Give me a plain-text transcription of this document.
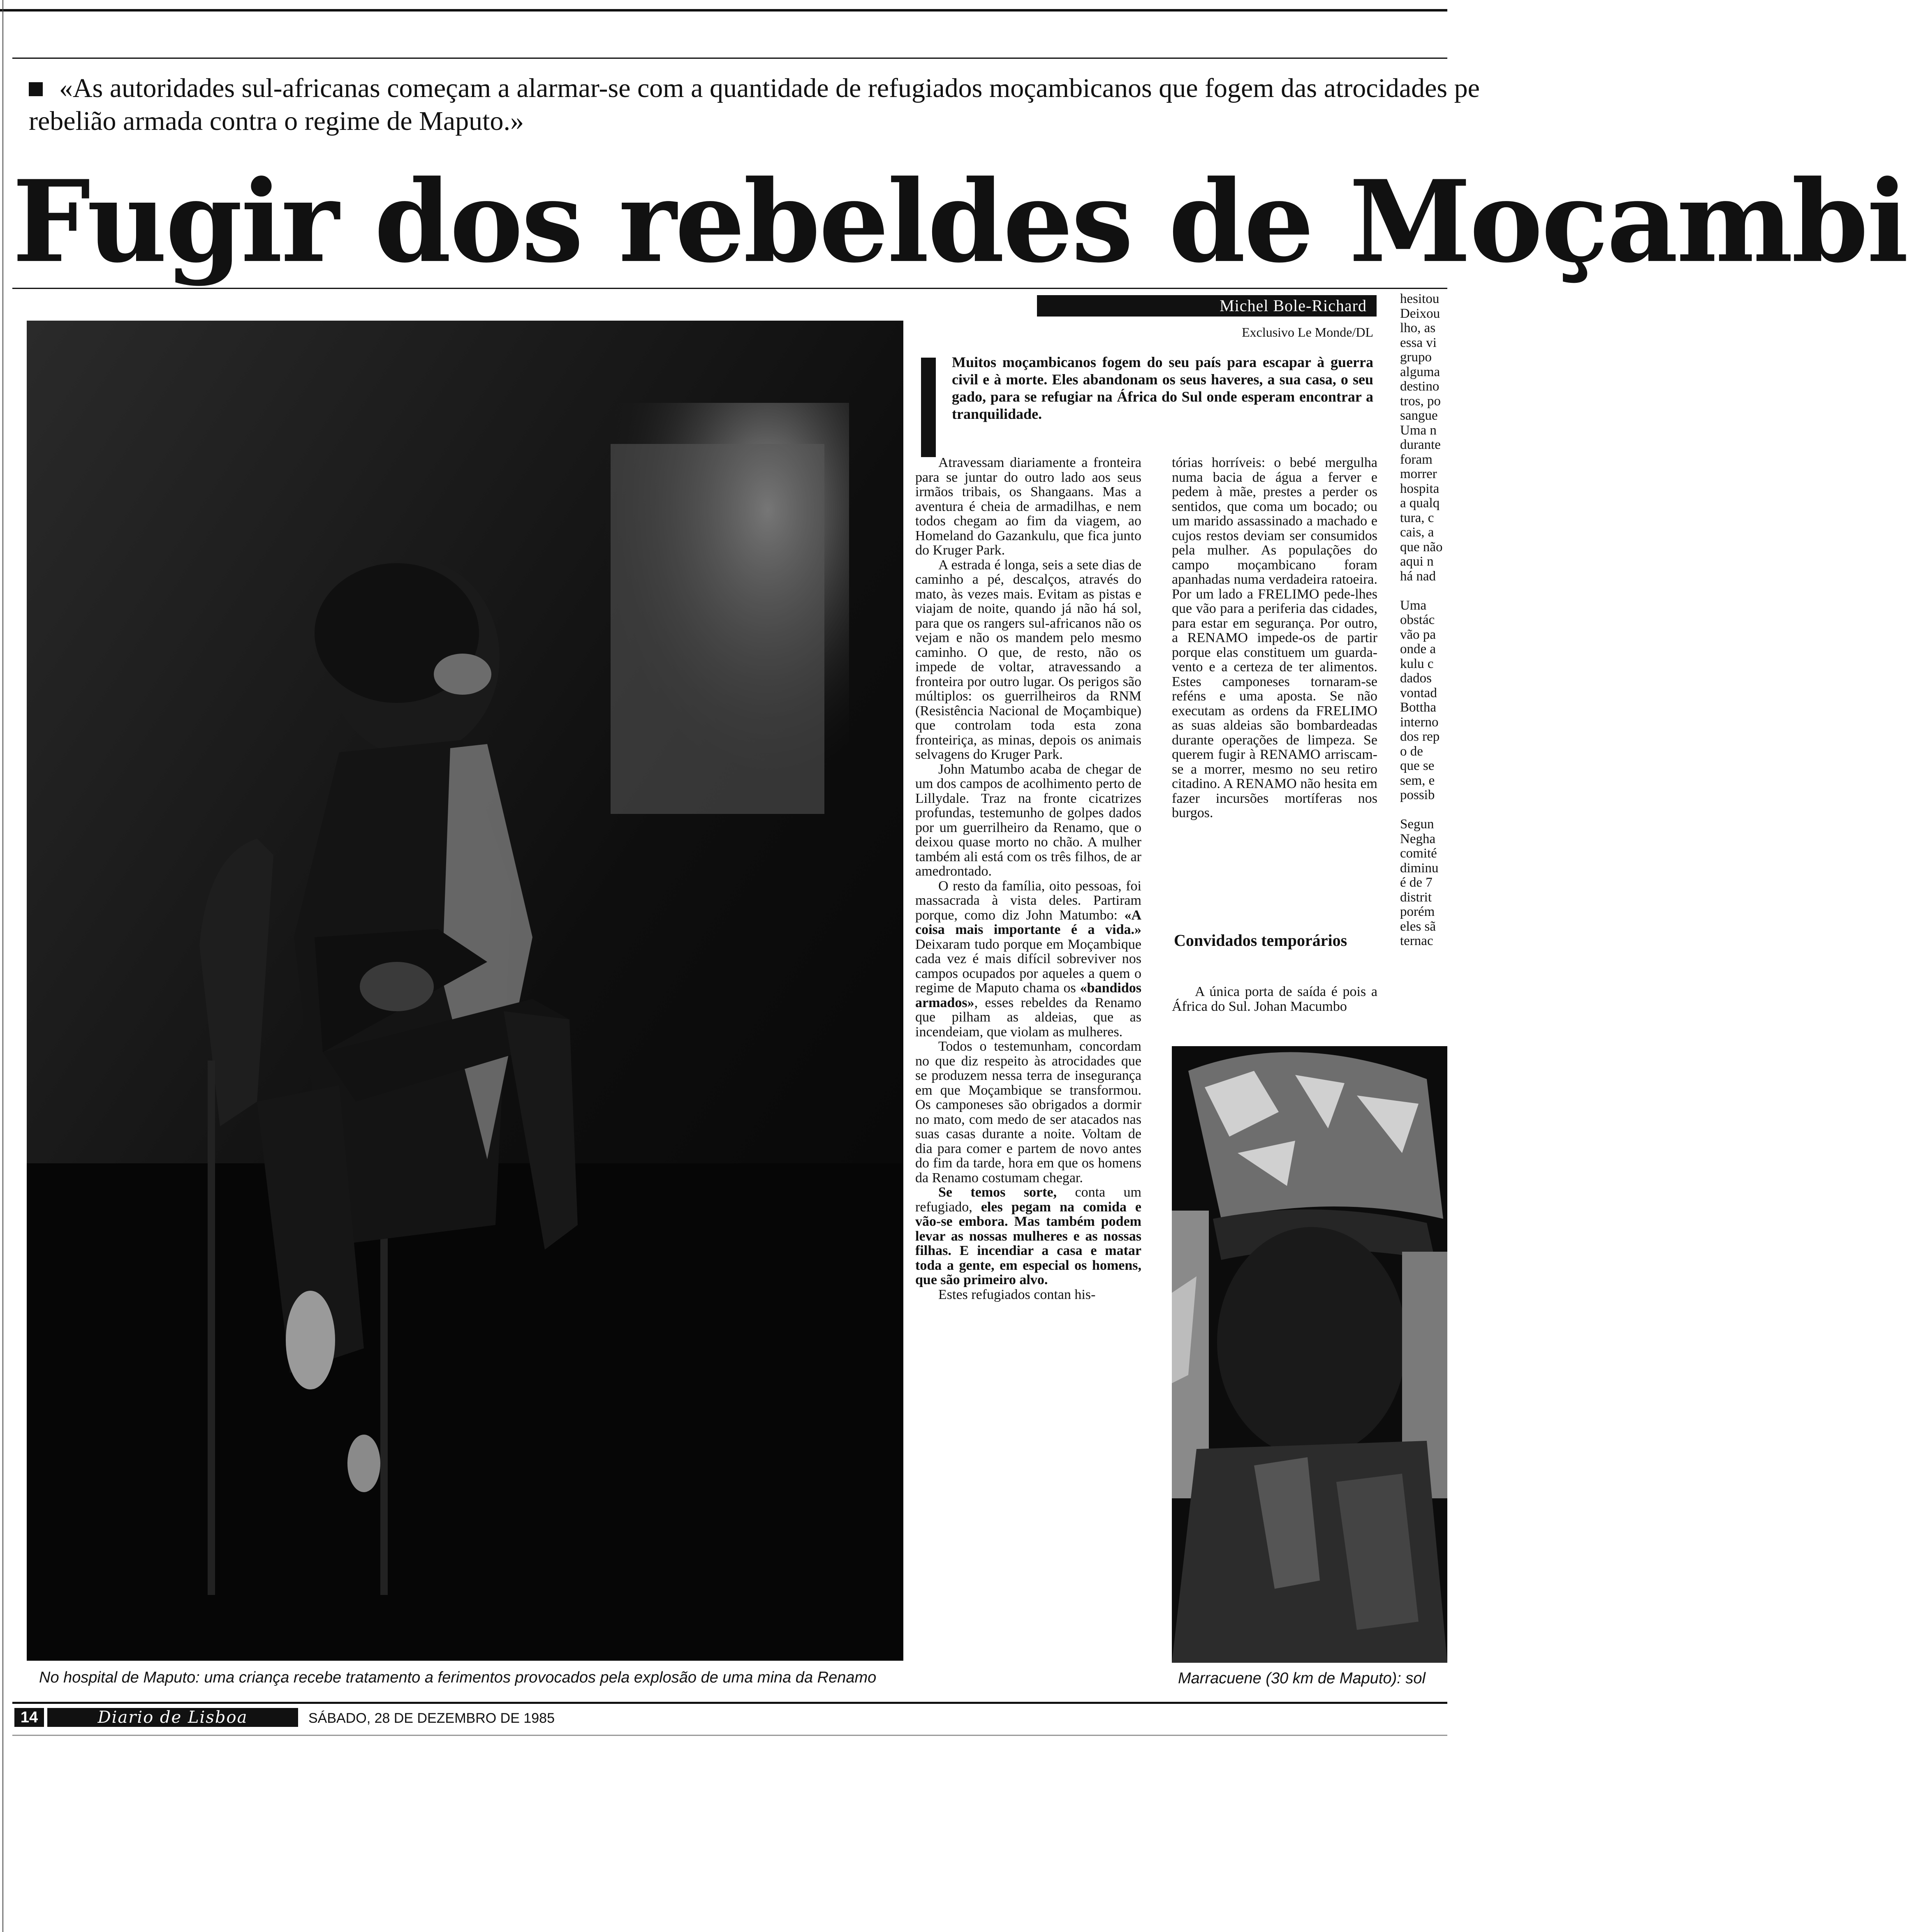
«As autoridades sul-africanas começam a alarmar-se com a quantidade de refugiados moçambicanos que fogem das atrocidades pe
rebelião armada contra o regime de Maputo.»
Fugir dos rebeldes de Moçambi
No hospital de Maputo: uma criança recebe tratamento a ferimentos provocados pela explosão de uma mina da Renamo
Michel Bole-Richard
Exclusivo Le Monde/DL

Muitos moçambicanos fogem do seu país para escapar à guerra civil e à morte. Eles abandonam os seus haveres, a sua casa, o seu gado, para se refugiar na África do Sul onde esperam encontrar a tranquilidade.

Atravessam diariamente a fronteira para se juntar do outro lado aos seus irmãos tribais, os Shangaans. Mas a aventura é cheia de armadilhas, e nem todos chegam ao fim da viagem, ao Homeland do Gazankulu, que fica junto do Kruger Park.

A estrada é longa, seis a sete dias de caminho a pé, descalços, através do mato, às vezes mais. Evitam as pistas e viajam de noite, quando já não há sol, para que os rangers sul-africanos não os vejam e não os mandem pelo mesmo caminho. O que, de resto, não os impede de voltar, atravessando a fronteira por outro lugar. Os perigos são múltiplos: os guerrilheiros da RNM (Resistência Nacional de Moçambique) que controlam toda esta zona fronteiriça, as minas, depois os animais selvagens do Kruger Park.

John Matumbo acaba de chegar de um dos campos de acolhimento perto de Lillydale. Traz na fronte cicatrizes profundas, testemunho de golpes dados por um guerrilheiro da Renamo, que o deixou quase morto no chão. A mulher também ali está com os três filhos, de ar amedrontado.

O resto da família, oito pessoas, foi massacrada à vista deles. Partiram porque, como diz John Matumbo: «A coisa mais importante é a vida.» Deixaram tudo porque em Moçambique cada vez é mais difícil sobreviver nos campos ocupados por aqueles a quem o regime de Maputo chama os «bandidos armados», esses rebeldes da Renamo que pilham as aldeias, que as incendeiam, que violam as mulheres.

Todos o testemunham, concordam no que diz respeito às atrocidades que se produzem nessa terra de insegurança em que Moçambique se transformou. Os camponeses são obrigados a dormir no mato, com medo de ser atacados nas suas casas durante a noite. Voltam de dia para comer e partem de novo antes do fim da tarde, hora em que os homens da Renamo costumam chegar.

Se temos sorte, conta um refugiado, eles pegam na comida e vão-se embora. Mas também podem levar as nossas mulheres e as nossas filhas. E incendiar a casa e matar toda a gente, em especial os homens, que são primeiro alvo.

Estes refugiados contan his-

tórias horríveis: o bebé mergulha numa bacia de água a ferver e pedem à mãe, prestes a perder os sentidos, que coma um bocado; ou um marido assassinado a machado e cujos restos deviam ser consumidos pela mulher. As populações do campo moçambicano foram apanhadas numa verdadeira ratoeira. Por um lado a FRELIMO pede-lhes que vão para a periferia das cidades, para estar em segurança. Por outro, a RENAMO impede-os de partir porque elas constituem um guarda-vento e a certeza de ter alimentos. Estes camponeses tornaram-se reféns e uma aposta. Se não executam as ordens da FRELIMO as suas aldeias são bombardeadas durante operações de limpeza. Se querem fugir à RENAMO arriscam-se a morrer, mesmo no seu retiro citadino. A RENAMO não hesita em fazer incursões mortíferas nos burgos.

Convidados temporários

A única porta de saída é pois a África do Sul. Johan Macumbo

Marracuene (30 km de Maputo): sol
hesitou
Deixou
lho, as
essa vi
grupo
alguma
destino
tros, po
sangue
Uma n
durante
foram
morrer
hospita
a qualq
tura, c
cais, a
que não
aqui n
há nad
Uma
obstác
vão pa
onde a
kulu c
dados
vontad
Bottha
interno
dos rep
o de
que se
sem, e
possib
Segun
Negha
comité
diminu
é de 7
distrit
porém
eles sã
ternac
14	Diario de Lisboa	SÁBADO, 28 DE DEZEMBRO DE 1985
